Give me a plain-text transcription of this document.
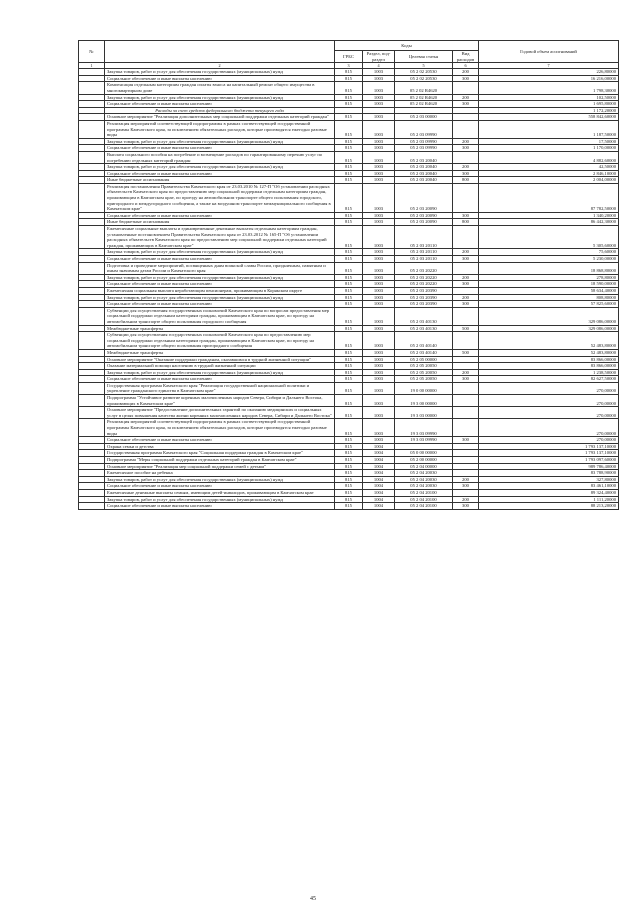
№		Коды				Годовой объем ассигнований
		ГРБС	Раздел, под-раздел	Целевая статья	Вид расходов	
1	2	3	4	5	6	7
	Закупка товаров, работ и услуг для обеспечения государственных (муниципальных) нужд	815	1003	05 2 02 20530	200	226,80000
	Социальное обеспечение и иные выплаты населению	815	1003	05 2 02 20530	300	16 216,00000
	Компенсация отдельным категориям граждан оплаты взноса на капитальный ремонт общего имущества в многоквартирном доме	815	1003	05 2 02 R4620		1 798,30000
	Закупка товаров, работ и услуг для обеспечения государственных (муниципальных) нужд	815	1003	05 2 02 R4620	200	102,50000
	Социальное обеспечение и иные выплаты населению	815	1003	05 2 02 R4620	300	1 695,80000
	Расходы за счет средств федерального бюджета текущего года					1 172,20000
	Основное мероприятие "Реализация дополнительных мер социальной поддержки отдельных категорий граждан"	815	1003	05 2 03 00000		558 842,60000
	Реализация мероприятий соответствующей подпрограммы в рамках соответствующей государственной программы Камчатского края, за исключением обязательных расходов, которые производятся ежегодно разовые виды	815	1003	05 2 03 09990		1 187,50000
	Закупка товаров, работ и услуг для обеспечения государственных (муниципальных) нужд	815	1003	05 2 03 09990	200	17,50000
	Социальное обеспечение и иные выплаты населению	815	1003	05 2 03 09990	300	1 170,00000
	Выплата социального пособия на погребение и возмещение расходов по гарантированному перечню услуг по погребению отдельных категорий граждан	815	1003	05 2 03 20040		4 882,60000
	Закупка товаров, работ и услуг для обеспечения государственных (муниципальных) нужд	815	1003	05 2 03 20040	200	42,50000
	Социальное обеспечение и иные выплаты населению	815	1003	05 2 03 20040	300	2 846,10000
	Иные бюджетные ассигнования	815	1003	05 2 03 20040	800	2 004,00000
	Реализация постановления Правительства Камчатского края от 23.03.2010 № 127-П "Об установлении расходных обязательств Камчатского края по предоставлению мер социальной поддержки отдельным категориям граждан, проживающим в Камчатском крае, по проезду на автомобильном транспорте общего пользования городского, пригородного и междугородного сообщения, а также на воздушном транспорте межмуниципального сообщения в Камчатском крае"	815	1003	05 2 03 20090		87 782,50000
	Социальное обеспечение и иные выплаты населению	815	1003	05 2 03 20090	300	1 340,20000
	Иные бюджетные ассигнования	815	1003	05 2 03 20090	800	86 442,30000
	Ежемесячные социальные выплаты и единовременные денежные выплаты отдельным категориям граждан, установленные постановлением Правительства Камчатского края от 23.03.2012 № 165-П "Об установлении расходных обязательств Камчатского края по предоставлению мер социальной поддержки отдельных категорий граждан, проживающих в Камчатском крае"	815	1003	05 2 03 20110		5 305,60000
	Закупка товаров, работ и услуг для обеспечения государственных (муниципальных) нужд	815	1003	05 2 03 20110	200	75,60000
	Социальное обеспечение и иные выплаты населению	815	1003	05 2 03 20110	300	5 230,00000
	Подготовка и проведение мероприятий, посвященных дням воинской славы России, праздничным, памятным и иным значимым датам России и Камчатского края	815	1003	05 2 03 20220		18 868,80000
	Закупка товаров, работ и услуг для обеспечения государственных (муниципальных) нужд	815	1003	05 2 03 20220	200	278,80000
	Социальное обеспечение и иные выплаты населению	815	1003	05 2 03 20220	300	18 590,00000
	Ежемесячная социальная выплата неработающим пенсионерам, проживающим в Корякском округе	815	1003	05 2 03 20390		58 634,40000
	Закупка товаров, работ и услуг для обеспечения государственных (муниципальных) нужд	815	1003	05 2 03 20390	200	808,80000
	Социальное обеспечение и иные выплаты населению	815	1003	05 2 03 20390	300	57 825,60000
	Субвенции для осуществления государственных полномочий Камчатского края по вопросам предоставления мер социальной поддержки отдельным категориям граждан, проживающим в Камчатском крае, по проезду на автомобильном транспорте общего пользования городского сообщения	815	1003	05 2 03 40130		329 086,00000
	Межбюджетные трансферты	815	1003	05 2 03 40130	500	329 086,00000
	Субвенции для осуществления государственных полномочий Камчатского края по предоставлению мер социальной поддержки отдельным категориям граждан, проживающим в Камчатском крае, по проезду на автомобильном транспорте общего пользования пригородного сообщения	815	1003	05 2 03 40140		52 483,80000
	Межбюджетные трансферты	815	1003	05 2 03 40140	500	52 483,80000
	Основное мероприятие "Оказание поддержки гражданам, оказавшимся в трудной жизненной ситуации"	815	1003	05 2 05 00000		83 866,00000
	Оказание материальной помощи населению в трудной жизненной ситуации	815	1003	05 2 05 20050		83 866,00000
	Закупка товаров, работ и услуг для обеспечения государственных (муниципальных) нужд	815	1003	05 2 05 20050	200	1 238,50000
	Социальное обеспечение и иные выплаты населению	815	1003	05 2 05 20050	300	82 627,50000
	Государственная программа Камчатского края "Реализация государственной национальной политики и укрепление гражданского единства в Камчатском крае"	815	1003	19 0 00 00000		270,00000
	Подпрограмма "Устойчивое развитие коренных малочисленных народов Севера, Сибири и Дальнего Востока, проживающих в Камчатском крае"	815	1003	19 3 00 00000		270,00000
	Основное мероприятие "Предоставление дополнительных гарантий по оказанию медицинских и социальных услуг в целях повышения качества жизни коренных малочисленных народов Севера, Сибири и Дальнего Востока"	815	1003	19 3 03 00000		270,00000
	Реализация мероприятий соответствующей подпрограммы в рамках соответствующей государственной программы Камчатского края, за исключением обязательных расходов, которые производятся ежегодно разовые виды	815	1003	19 3 03 09990		270,00000
	Социальное обеспечение и иные выплаты населению	815	1003	19 3 03 09990	300	270,00000
	Охрана семьи и детства	815	1004			1 793 137,10000
	Государственная программа Камчатского края "Социальная поддержка граждан в Камчатском крае"	815	1004	05 0 00 00000		1 793 137,10000
	Подпрограмма "Меры социальной поддержки отдельных категорий граждан в Камчатском крае"	815	1004	05 2 00 00000		1 793 097,60000
	Основное мероприятие "Реализация мер социальной поддержки семей с детьми"	815	1004	05 2 04 00000		989 786,40000
	Ежемесячное пособие на ребенка	815	1004	05 2 04 20030		83 788,90000
	Закупка товаров, работ и услуг для обеспечения государственных (муниципальных) нужд	815	1004	05 2 04 20030	200	327,80000
	Социальное обеспечение и иные выплаты населению	815	1004	05 2 04 20030	300	83 461,10000
	Ежемесячные денежные выплаты семьям, имеющим детей-инвалидов, проживающим в Камчатском крае	815	1004	05 2 04 20100		89 324,40000
	Закупка товаров, работ и услуг для обеспечения государственных (муниципальных) нужд	815	1004	05 2 04 20100	200	1 111,20000
	Социальное обеспечение и иные выплаты населению	815	1004	05 2 04 20100	300	88 213,20000
45
